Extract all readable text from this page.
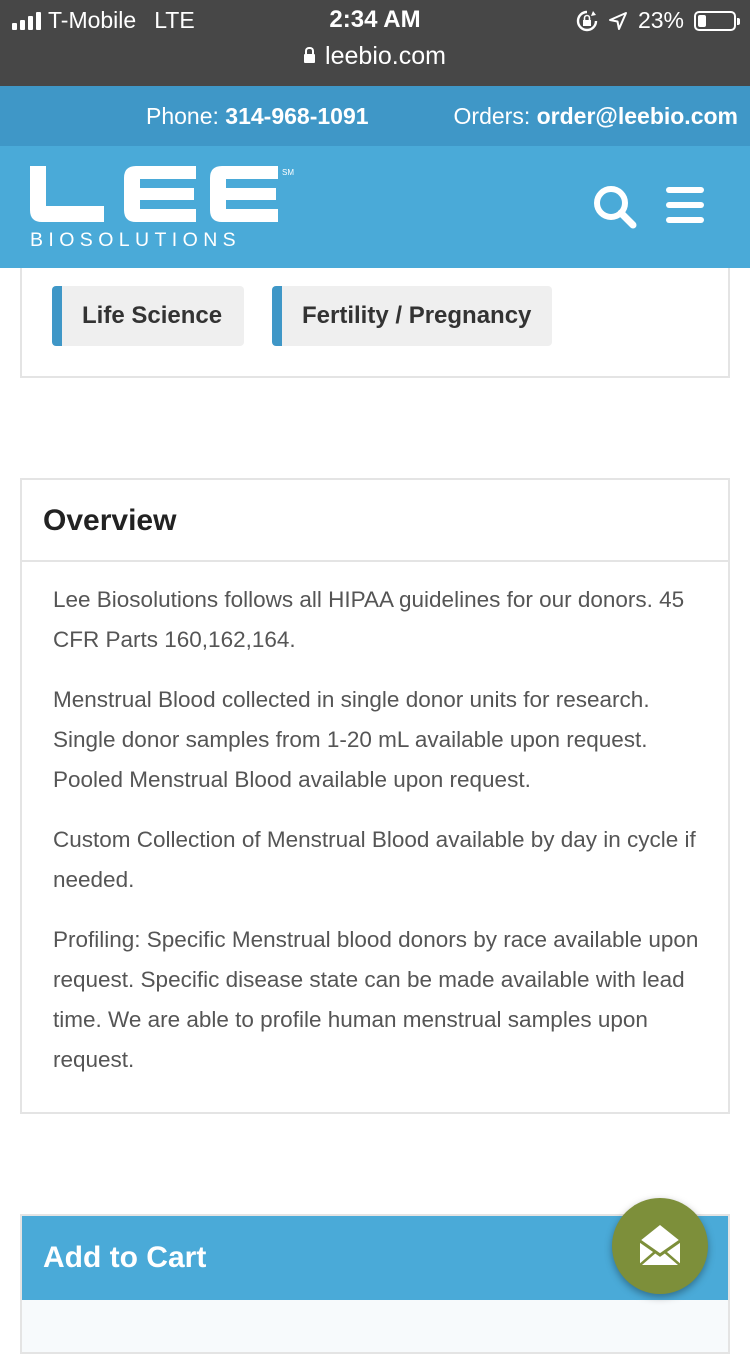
T-Mobile LTE	2:34 AM	23%
leebio.com
Phone: 314-968-1091	Orders: order@leebio.com
SM
BIOSOLUTIONS
Life Science	Fertility / Pregnancy
Overview

Lee Biosolutions follows all HIPAA guidelines for our donors. 45 CFR Parts 160,162,164.

Menstrual Blood collected in single donor units for research. Single donor samples from 1-20 mL available upon request. Pooled Menstrual Blood available upon request.

Custom Collection of Menstrual Blood available by day in cycle if needed.

Profiling: Specific Menstrual blood donors by race available upon request. Specific disease state can be made available with lead time. We are able to profile human menstrual samples upon request.

Add to Cart
